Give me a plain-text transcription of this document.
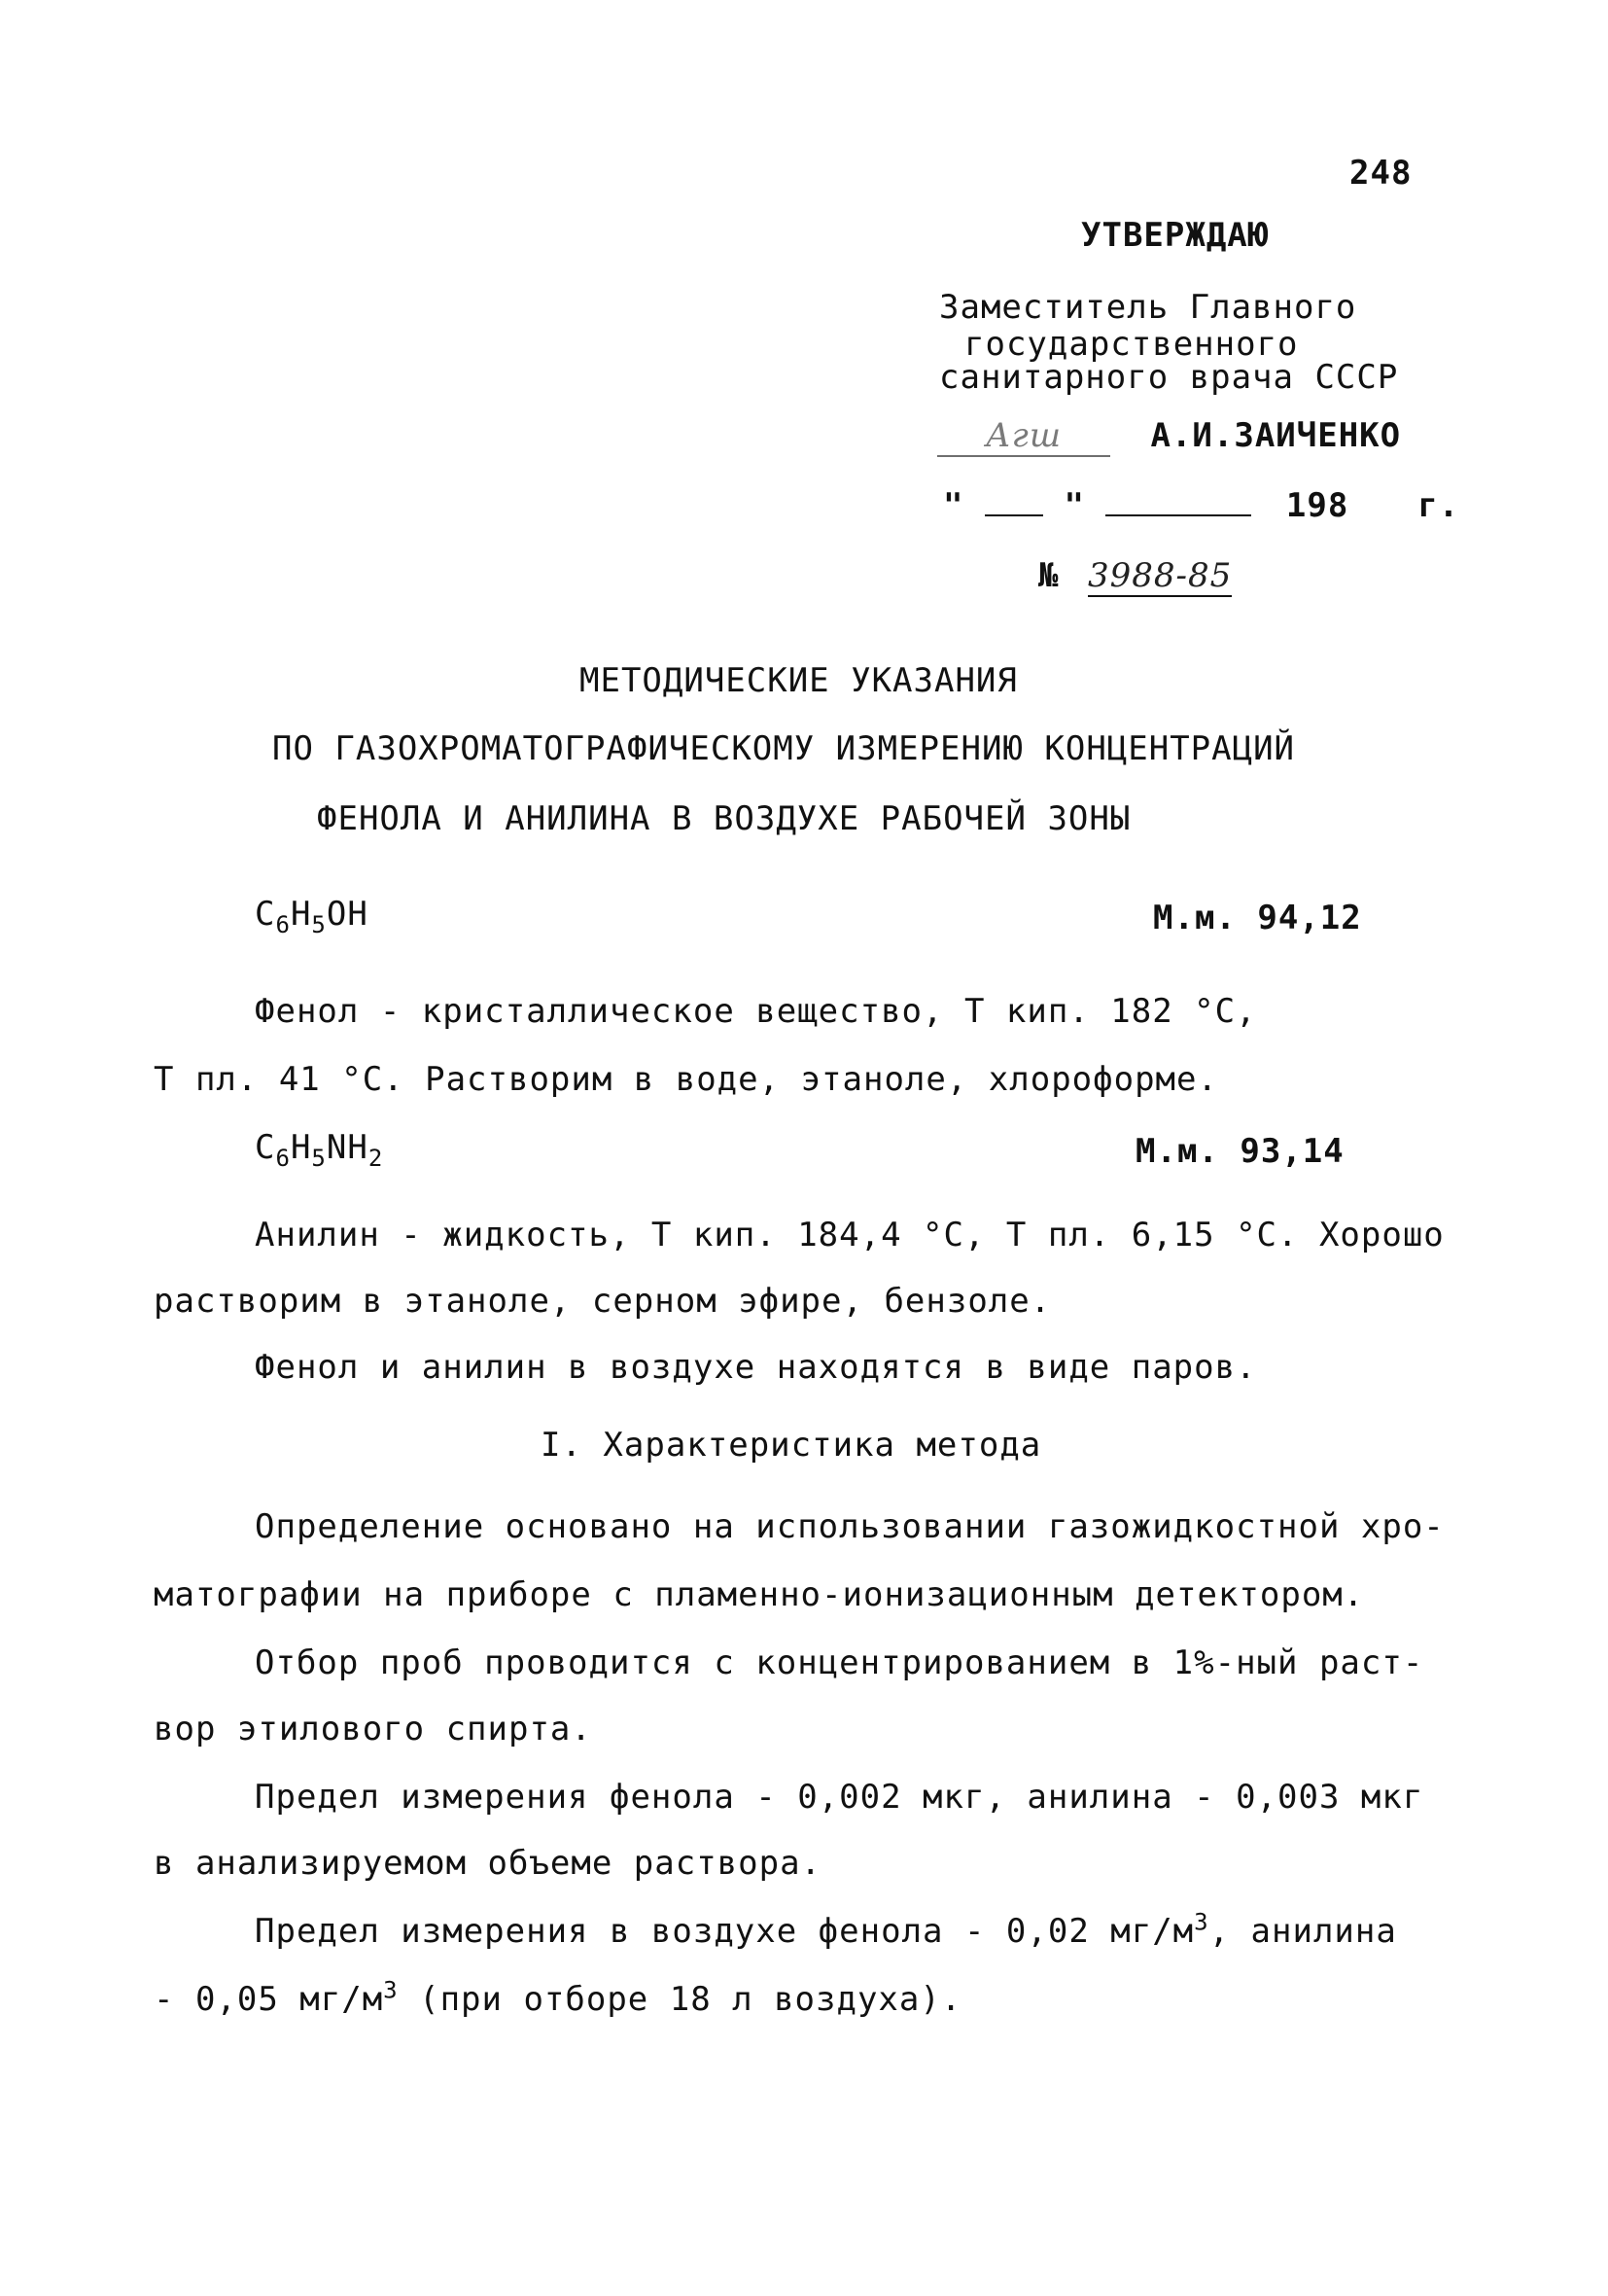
248
УТВЕРЖДАЮ
Заместитель Главного
государственного
санитарного врача СССР
Агш	А.И.ЗАИЧЕНКО
"	"	198 г.
№ 3988-85
МЕТОДИЧЕСКИЕ УКАЗАНИЯ
ПО ГАЗОХРОМАТОГРАФИЧЕСКОМУ ИЗМЕРЕНИЮ КОНЦЕНТРАЦИЙ
ФЕНОЛА И АНИЛИНА В ВОЗДУХЕ РАБОЧЕЙ ЗОНЫ
$C_6H_5OH$	М.м. 94,12
Фенол - кристаллическое вещество, Т кип. 182 °С,
Т пл. 41 °С. Растворим в воде, этаноле, хлороформе.
$C_6H_5NH_2$	М.м. 93,14
Анилин - жидкость, Т кип. 184,4 °С, Т пл. 6,15 °С. Хорошо
растворим в этаноле, серном эфире, бензоле.
Фенол и анилин в воздухе находятся в виде паров.
I. Характеристика метода
Определение основано на использовании газожидкостной хро-
матографии на приборе с пламенно-ионизационным детектором.
Отбор проб проводится с концентрированием в 1%-ный раст-
вор этилового спирта.
Предел измерения фенола - 0,002 мкг, анилина - 0,003 мкг
в анализируемом объеме раствора.
Предел измерения в воздухе фенола - 0,02 $мг/м^3$, анилина
- 0,05 $мг/м^3$ (при отборе 18 л воздуха).
